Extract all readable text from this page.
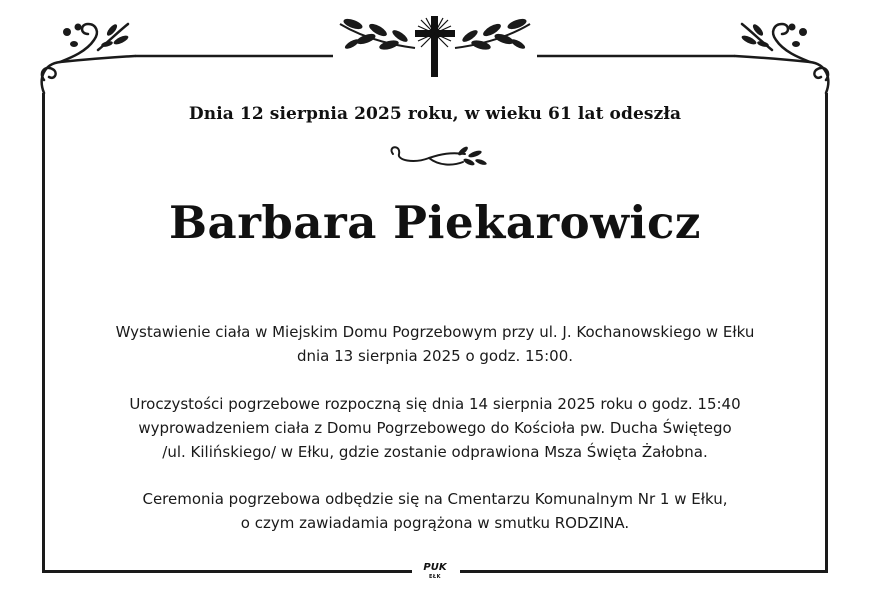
Dnia 12 sierpnia 2025 roku, w wieku 61 lat odeszła
Barbara Piekarowicz
Wystawienie ciała w Miejskim Domu Pogrzebowym przy ul. J. Kochanowskiego w Ełku
dnia 13 sierpnia 2025 o godz. 15:00.
Uroczystości pogrzebowe rozpoczną się dnia 14 sierpnia 2025 roku o godz. 15:40
wyprowadzeniem ciała z Domu Pogrzebowego do Kościoła pw. Ducha Świętego
/ul. Kilińskiego/ w Ełku, gdzie zostanie odprawiona Msza Święta Żałobna.
Ceremonia pogrzebowa odbędzie się na Cmentarzu Komunalnym Nr 1 w Ełku,
o czym zawiadamia pogrążona w smutku RODZINA.
PUK
EŁK
